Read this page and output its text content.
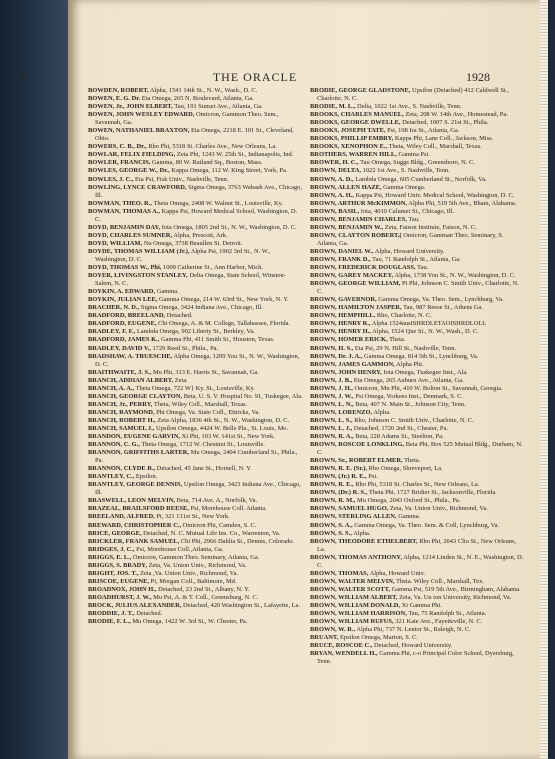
4	THE ORACLE	1928
BOWDEN, ROBERT, Alpha, 1541 14th St., N. W., Wash., D. C.
BOWEN, E. G. Dr. Eta Omega, 265 N. Boulevard, Atlanta, Ga.
BOWEN, Jr., JOHN ELBERT, Tau, 191 Sunset Ave., Atlanta, Ga.
BOWEN, JOHN WESLEY EDWARD, Omicron, Gammon Theo. Sem., Savannah, Ga.
BOWEN, NATHANIEL BRAXTON, Eta Omega, 2218 E. 101 St., Cleveland, Ohio.
BOWERS, C. B., Dr., Rho Phi, 5318 St. Charles Ave., New Orleans, La.
BOWLAR, FELIX FIELDING, Zeta Phi, 1243 W. 25th St., Indianapolis, Ind.
BOWLER, FRANCIS, Gamma, 80 W. Rutland Sq., Boston, Mass.
BOWLES, GEORGE W., Dr., Kappa Omega, 112 W. King Street, York, Pa.
BOWLES, J. C., Eta Psi, Fisk Univ., Nashville, Tenn.
BOWLING, LYNCE CRAWFORD, Sigma Omega, 3763 Wabash Ave., Chicago, Ill.
BOWMAN, THEO. R., Theta Omega, 2408 W. Walnut St., Louisville, Ky.
BOWMAN, THOMAS A., Kappa Psi, Howard Medical School, Washington, D. C.
BOYD, BENJAMIN DAY, Iota Omega, 1805 2nd St., N. W., Washington, D. C.
BOYD, CHARLES SUMNER, Alpha, Prescott, Ark.
BOYD, WILLIAM, Nu Omega, 3738 Beaullen St. Detroit.
BOYDE, THOMAS WILLIAM (Jr.), Alpha Psi, 1902 3rd St., N. W., Washington, D. C.
BOYD, THOMAS W., Phi, 1009 Catherine St., Ann Harbor, Mich.
BOYER, LIVINGSTON STANLEY, Delta Omega, State School, Winston-Salem, N. C.
BOYKIN, A. EDWARD, Gamma.
BOYKIN, JULIAN LEE, Gamma Omega, 214 W. 63rd St., New York, N. Y.
BRACHER, N. D., Sigma Omega, 3424 Indiana Ave., Chicago, Ill.
BRADFORD, BREELAND, Detached.
BRADFORD, EUGENE, Chi Omega, A. & M. College, Tallahassee, Florida.
BRADLEY, F. F., Lambda Omega, 902 Liberty St., Berkley, Va.
BRADFORD, JAMES K., Gamma Phi, 411 Smith St., Houston, Texas.
BRADLEY, DAVID V., 1729 Reed St., Phila., Pa.
BRADSHAW, A. TRUESCHE, Alpha Omega, 1209 You St., N. W., Washington, D. C.
BRAITHWAITE, J. S., Mu Phi, 313 E. Harris St., Savannah, Ga.
BRANCH, ADDIAN ALBERT, Zeta.
BRANCH, A. A., Theta Omega, 722 W} Ky. St., Louisville, Ky.
BRANCH, GEORGE CLAYTON, Beta, U. S. V. Hospital No. 91, Tuskegee, Ala.
BRANCH, Jr., PERRY, Theta, Wiley Coll., Marshall, Texas.
BRANCH, RAYMOND, Phi Omega, Va. State Coll., Ettricks, Va.
BRANCH, ROBERT H., Zeta Alpha, 1836 4th St., N. W., Washington, D. C.
BRANCH, SAMUEL J., Upsilon Omega, 4424 W. Belle Pla., St. Louis, Mo.
BRANDON, EUGENE GARVIN, Xi Phi, 103 W. 141st St., New York.
BRANNON, C. G., Theta Omega, 1712 W. Chestnut St., Louisville.
BRANNON, GRIFFITHS LARTER, Mu Omega, 2404 Cumberland St., Phila., Pa.
BRANNON, CLYDE R., Detached, 45 Jane St., Hornell, N. Y.
BRANTLEY, C., Epsilon.
BRANTLEY, GEORGE DENNIS, Upsilon Omega, 3423 Indiana Ave., Chicago, Ill.
BRASWELL, LEON MELVIN, Beta, 714 Ave. A., Norfolk, Va.
BRAZEAL, BRAILSFORD REESE, Psi, Morehouse Coll. Atlanta.
BREELAND, ALFRED, Pi, 321 131st St., New York.
BREWARD, CHRISTOPHER C., Omicron Phi, Camden, S. C.
BRICE, GEORGE, Detached, N. C. Mutual Life Ins. Co., Warrenton, Va.
BRICKLER, FRANK SAMUEL, Chi Phi, 2966 Dahlia St., Dennis, Colorado.
BRIDGES, J. C., Psi, Morehouse Coll.,Atlanta, Ga.
BRIGGS, E. L., Omicron, Gammon Theo. Seminary, Atlanta, Ga.
BRIGGS, S. BRADY, Zeta, Va. Union Univ., Richmond, Va.
BRIGHT, JOS. T., Zeta ,Va. Union Univ., Richmond, Va.
BRISCOE, EUGENE, Pi, Morgan Coll., Baltimore, Md.
BROADNOX, JOHN H., Detached, 23 2nd St., Albany, N. Y.
BROADHURST, J. W., Mu Psi, A. & T. Coll., Greensburg, N. C.
BROCK, JULIUS ALEXANDER, Detached, 420 Washington St., Lafayette, La.
BRODDIE, J. T., Detached.
BRODIE, F. L., Mu Omega, 1422 W. 3rd St., W. Chester, Pa.
BRODIE, GEORGE GLADSTONE, Upsilon (Detached) 412 Caldwell St., Charlotte, N. C.
BRODIE, M. L., Delta, 1022 1st Ave., S. Nashville, Tenn.
BROOKS, CHARLES MANUEL, Zeta, 208 W. 14th Ave., Homestead, Pa.
BROOKS, GEORGE DWELLE, Detached, 1007 S. 21st St., Phila.
BROOKS, JOSEPH TATE, Psi, 198 Ira St., Atlanta, Ga.
BROOKS, PHILLIP EMBRY, Kappa Phi, Lane Coll., Jackson, Miss.
BROOKS, XENOPHON E., Theta, Wiley Coll., Marshall, Texas.
BROTHERS, WARREN HILL, Gamma Psi.
BROWER, H. C., Tau Omega, Suggs Bldg., Greensboro, N. C.
BROWN, DELTA, 1022 1st Ave., S. Nashville, Tenn.
BROWN, A. D., Lambda Omega, 605 Cumberland St., Norfolk, Va.
BROWN, ALLEN HAZE, Gamma Omega.
BROWN, A. H., Kappa Psi, Howard Univ. Medical School, Washington, D. C.
BROWN, ARTHUR McKIMMON, Alpha Phi, 519 5th Ave., Bham, Alabama.
BROWN, BASIL, Iota, 4010 Calumet St., Chicago, Ill.
BROWN, BENJAMIN CHARLES, Tau.
BROWN, BENJAMIN W., Zeta, Faison Institute, Faison, N. C.
BROWN, CLAYTON ROBERT,( Omicron, Gamman Theo. Seminary, S. Atlanta, Ga.
BROWN, DANIEL W., Alpha, Howard University.
BROWN, FRANK D., Tau, 71 Randolph St., Atlanta, Ga.
BROWN, FREDERICK DOUGLASS, Tau.
BROWN, GAREY MACKEY, Alpha, 1738 You St., N. W., Washington, D. C.
BROWN, GEORGE WILLIAM, Pi Phi, Johnson C. Smith Univ., Charlotte, N. C.
BROWN, GAVERNOR, Gamma Omega, Va. Theo. Sem., Lynchburg, Va.
BROWN, HAMILTON JASPER, Tau, 987 Reese St., Athens Ga.
BROWN, HEMPHILL, Rho, Charlotte, N. C.
BROWN, HENRY R., Alpha 1524ausISHRDLETAOISHRDLOLL
BROWN, HENRY H., Alpha, 1524 Que St., N. W., Wash., D. C.
BROWN, HOMER ERICK, Theta.
BROWN, H. S., Eta Psi, 29 N. Hill St., Nashville, Tenn.
BROWN, Dr. J. A., Gamma Omega, 814 5th St., Lynchburg, Va.
BROWN, JAMES GAMMON, Alpha Phi.
BROWN, JOHN HENRY, Iota Omega, Tuskegee Inst., Ala.
BROWN, J. B., Eta Omega, 265 Auburn Ave., Atlanta, Ga.
BROWN, J. H., Omicron, Mu Phi, 410 W. Bolton St., Savannah, Georgia.
BROWN, J. W., Psi Omega, Vorkees Inst., Denmark, S. C.
BROWN, L. N., Beta, 407 N. Main St., Johnson City, Tenn.
BROWN, LORENZO, Alpha.
BROWN, L. S., Rho, Johnson C. Smith Univ., Charlotte, N. C.
BROWN, L. J., Detached, 1720 2nd St., Chester, Pa.
BROWN, R. A., Beta, 228 Adams St., Steelton, Pa.
BROWN, ROSCOE LONKLING, Beta Phi, Box 525 Mutual Bldg., Durham, N. C.
BROWN, Sr., ROBERT ELMER, Theta.
BROWN, R. E. (Sr.), Rho Omega, Shreveport, La.
BROWN, (Jr.) R. E., Psi.
BROWN, R. E., Rho Phi, 5318 St. Charles St., New Orleans, La.
BROWN, (Dr.) R. S., Theta Phi, 1727 Bridier St., Jacksonville, Florida.
BROWN, R. M., Mu Omega, 2043 Oxford St., Phila., Pa.
BROWN, SAMUEL HUGO, Zeta, Va. Union Univ., Richmond, Va.
BROWN, STERLING ALLEN, Gamma.
BROWN, S. A., Gamma Omega, Va. Theo. Sem. & Coll, Lynchburg, Va.
BROWN, S. S., Alpha.
BROWN, THEODORE ETHELBERT, Rho Phi, 2043 Clio St., New Orleans, La.
BROWN, THOMAS ANTHONY, Alpha, 1214 Linden St., N. E., Washington, D. C.
BROWN, THOMAS, Alpha, Howard Univ.
BROWN, WALTER MELVIN, Theta. Wiley Coll., Marshall, Tex.
BROWN, WALTER SCOTT, Gamma Psi, 519 5th Ave., Birmingham, Alabama.
BROWN, WILLIAM ALBERT, Zeta, Va. Un ion University, Richmond, Va.
BROWN, WILLIAM DONALD, Xi Gamma Phi.
BROWN, WILLIAM HARRISON, Tau, 75 Randolph St., Atlanta.
BROWN, WILLIAM RUFUS, 321 Kate Ave., Fayetteville, N. C.
BROWN, W. R., Alpha Phi, 737 N. Lenior St., Raleigh, N. C.
BRUANT, Epsilon Omega, Marion, S. C.
BRUCE, ROSCOE C., Detached, Howard University.
BRYAN, WENDELL H., Gamma Phi, c-o Principal Color School, Dyersburg, Tenn.
